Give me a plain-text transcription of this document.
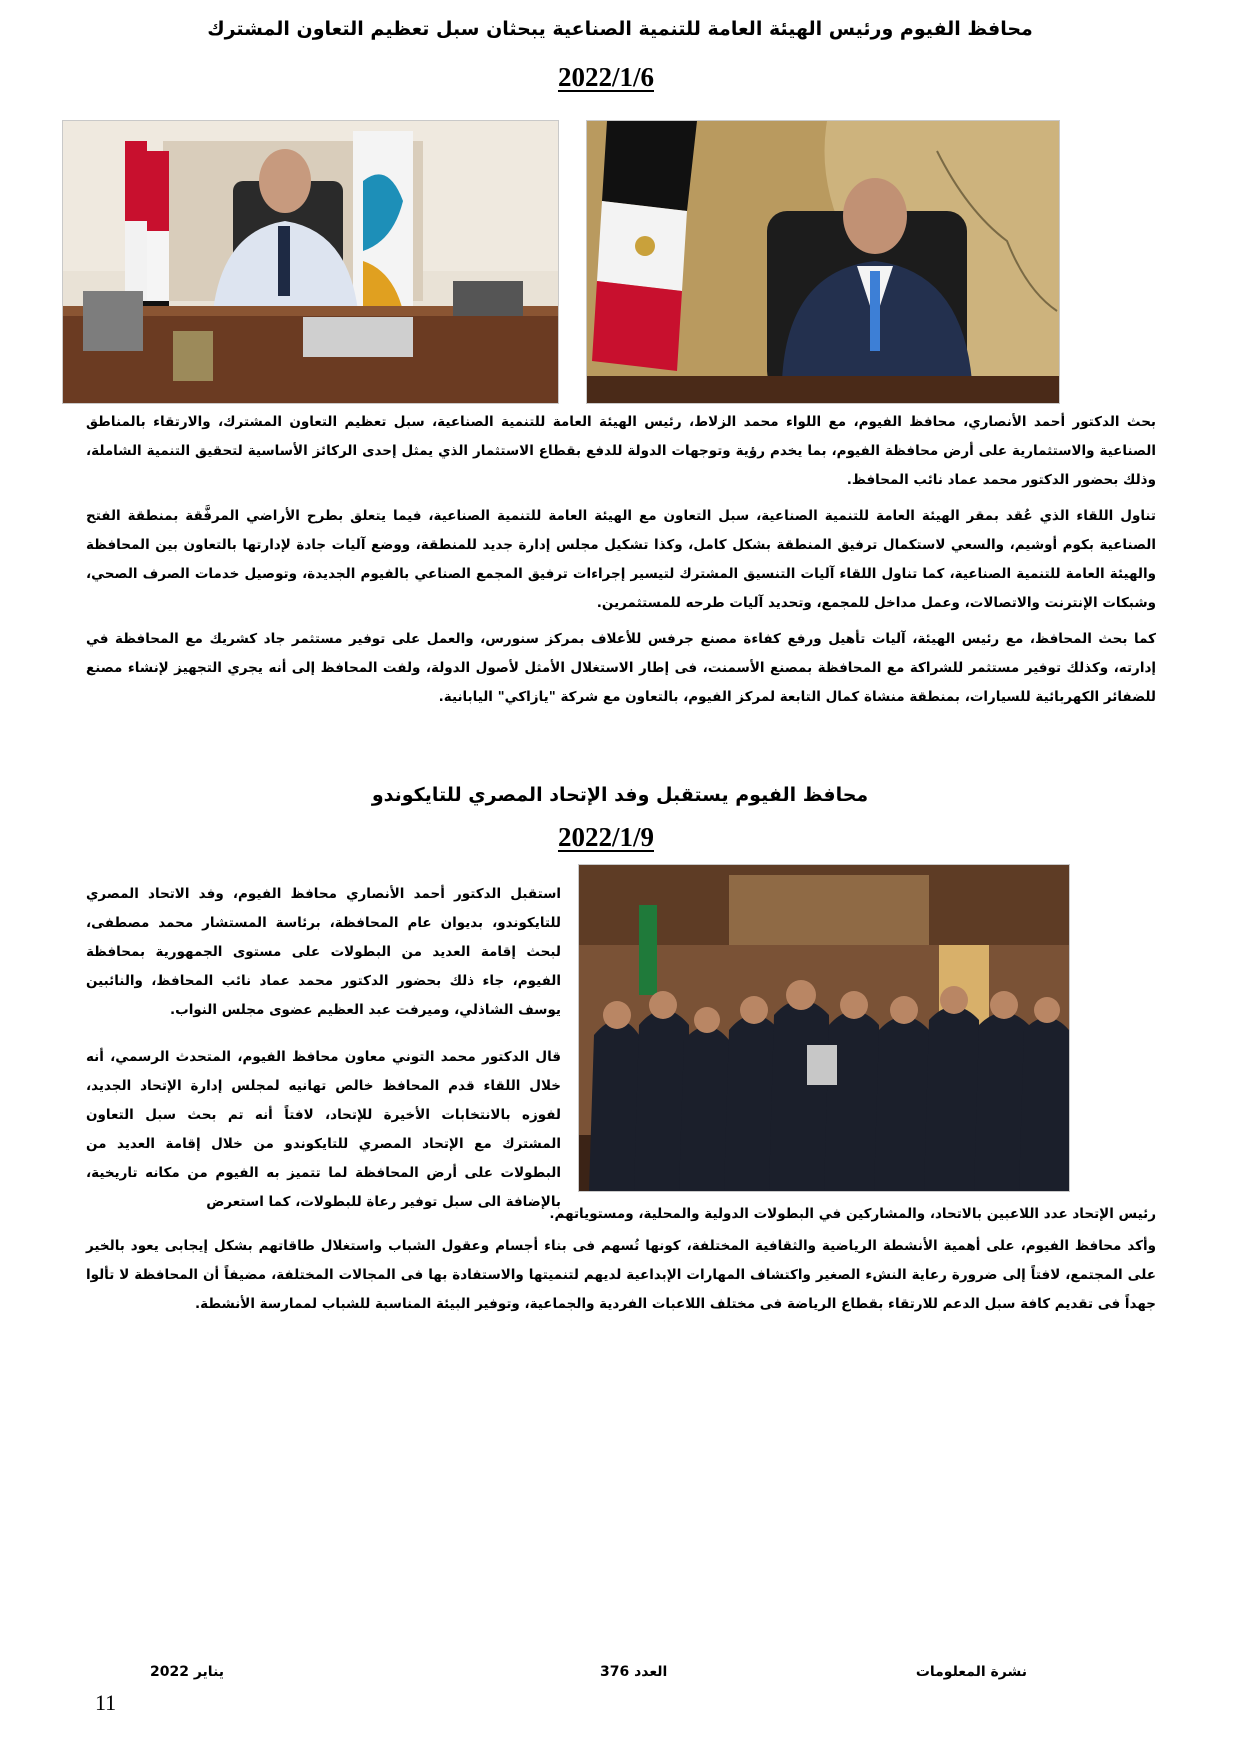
محافظ الفيوم ورئيس الهيئة العامة للتنمية الصناعية يبحثان سبل تعظيم التعاون المشترك
2022/1/6
بحث الدكتور أحمد الأنصاري، محافظ الفيوم، مع اللواء محمد الزلاط، رئيس الهيئة العامة للتنمية الصناعية، سبل تعظيم التعاون المشترك، والارتقاء بالمناطق الصناعية والاستثمارية على أرض محافظة الفيوم، بما يخدم رؤية وتوجهات الدولة للدفع بقطاع الاستثمار الذي يمثل إحدى الركائز الأساسية لتحقيق التنمية الشاملة، وذلك بحضور الدكتور محمد عماد نائب المحافظ.
تناول اللقاء الذي عُقد بمقر الهيئة العامة للتنمية الصناعية، سبل التعاون مع الهيئة العامة للتنمية الصناعية، فيما يتعلق بطرح الأراضي المرفَّقة بمنطقة الفتح الصناعية بكوم أوشيم، والسعي لاستكمال ترفيق المنطقة بشكل كامل، وكذا تشكيل مجلس إدارة جديد للمنطقة، ووضع آليات جادة لإدارتها بالتعاون بين المحافظة والهيئة العامة للتنمية الصناعية، كما تناول اللقاء آليات التنسيق المشترك لتيسير إجراءات ترفيق المجمع الصناعي بالفيوم الجديدة، وتوصيل خدمات الصرف الصحي، وشبكات الإنترنت والاتصالات، وعمل مداخل للمجمع، وتحديد آليات طرحه للمستثمرين.
كما بحث المحافظ، مع رئيس الهيئة، آليات تأهيل ورفع كفاءة مصنع جرفس للأعلاف بمركز سنورس، والعمل على توفير مستثمر جاد كشريك مع المحافظة في إدارته، وكذلك توفير مستثمر للشراكة مع المحافظة بمصنع الأسمنت، فى إطار الاستغلال الأمثل لأصول الدولة، ولفت المحافظ إلى أنه يجري التجهيز لإنشاء مصنع للضفائر الكهربائية للسيارات، بمنطقة منشاة كمال التابعة لمركز الفيوم، بالتعاون مع شركة "يازاكي" اليابانية.
محافظ الفيوم يستقبل وفد الإتحاد المصري للتايكوندو
2022/1/9
استقبل الدكتور أحمد الأنصاري محافظ الفيوم، وفد الاتحاد المصري للتايكوندو، بديوان عام المحافظة، برئاسة المستشار محمد مصطفى، لبحث إقامة العديد من البطولات على مستوى الجمهورية بمحافظة الفيوم، جاء ذلك بحضور الدكتور محمد عماد نائب المحافظ، والنائبين يوسف الشاذلي، وميرفت عبد العظيم عضوى مجلس النواب.
قال الدكتور محمد التوني معاون محافظ الفيوم، المتحدث الرسمي، أنه خلال اللقاء قدم المحافظ خالص تهانيه لمجلس إدارة الإتحاد الجديد، لفوزه بالانتخابات الأخيرة للإتحاد، لافتاً أنه تم بحث سبل التعاون المشترك مع الإتحاد المصري للتايكوندو من خلال إقامة العديد من البطولات على أرض المحافظة لما تتميز به الفيوم من مكانه تاريخية، بالإضافة الى سبل توفير رعاة للبطولات، كما استعرض
رئيس الإتحاد عدد اللاعبين بالاتحاد، والمشاركين في البطولات الدولية والمحلية، ومستوياتهم.
وأكد محافظ الفيوم، على أهمية الأنشطة الرياضية والثقافية المختلفة، كونها تُسهم فى بناء أجسام وعقول الشباب واستغلال طاقاتهم بشكل إيجابى يعود بالخير على المجتمع، لافتاً إلى ضرورة رعاية النشء الصغير واكتشاف المهارات الإبداعية لديهم لتنميتها والاستفادة بها فى المجالات المختلفة، مضيفاً أن المحافظة لا تألوا جهداً فى تقديم كافة سبل الدعم للارتقاء بقطاع الرياضة فى مختلف اللاعبات الفردية والجماعية، وتوفير البيئة المناسبة للشباب لممارسة الأنشطة.
نشرة المعلومات
العدد 376
يناير 2022
11
